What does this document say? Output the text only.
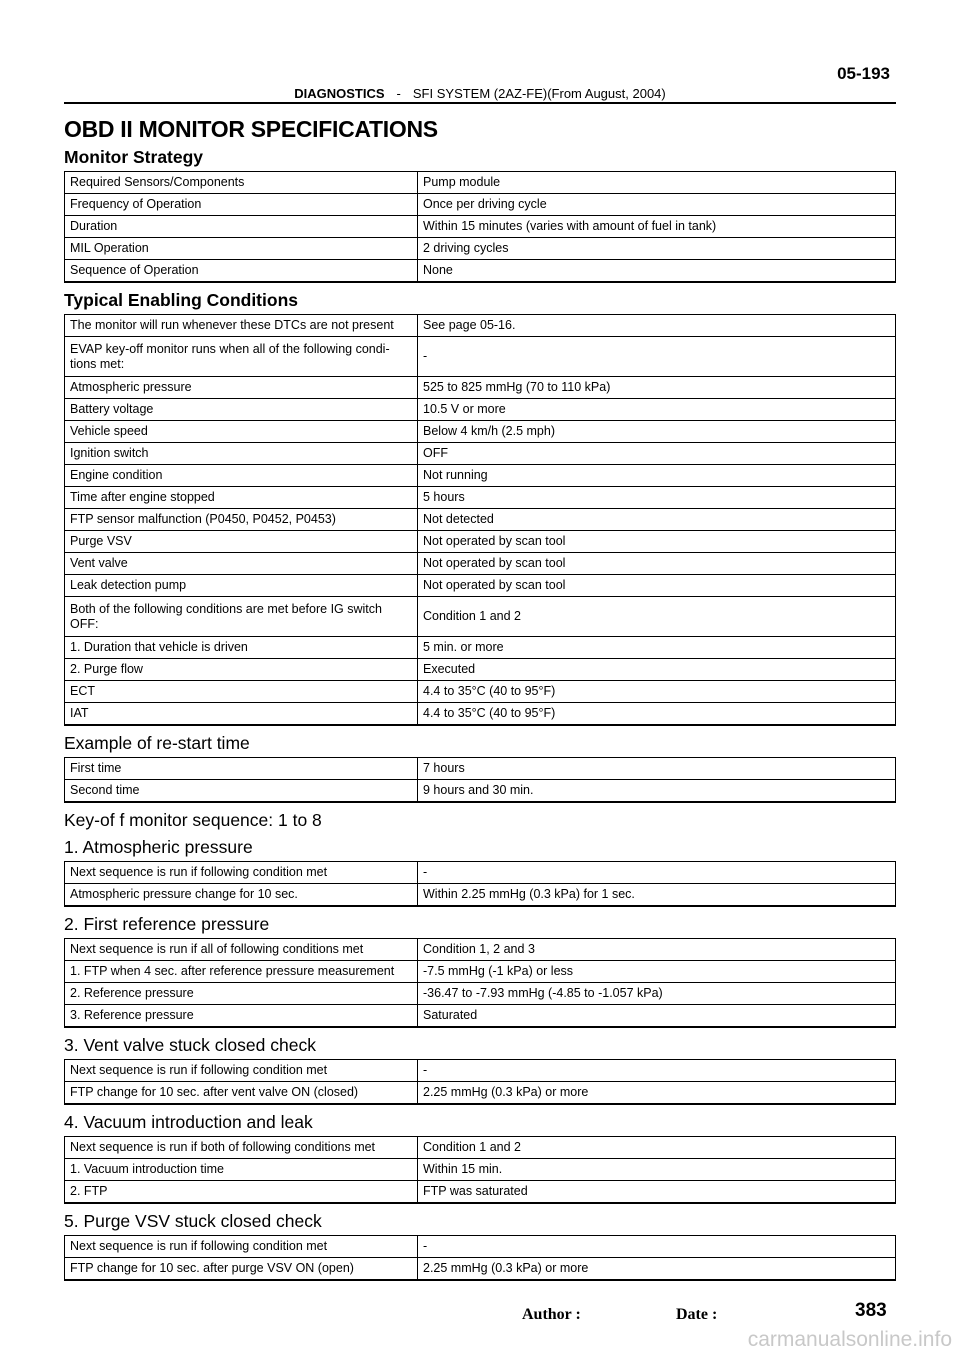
05-193
DIAGNOSTICS - SFI SYSTEM (2AZ-FE)(From August, 2004)
OBD II MONITOR SPECIFICATIONS
Monitor Strategy
Required Sensors/Components	Pump module
Frequency of Operation	Once per driving cycle
Duration	Within 15 minutes (varies with amount of fuel in tank)
MIL Operation	2 driving cycles
Sequence of Operation	None
Typical Enabling Conditions
The monitor will run whenever these DTCs are not present	See page 05-16.
EVAP key-off monitor runs when all of the following condi-
tions met:	-
Atmospheric pressure	525 to 825 mmHg (70 to 110 kPa)
Battery voltage	10.5 V or more
Vehicle speed	Below 4 km/h (2.5 mph)
Ignition switch	OFF
Engine condition	Not running
Time after engine stopped	5 hours
FTP sensor malfunction (P0450, P0452, P0453)	Not detected
Purge VSV	Not operated by scan tool
Vent valve	Not operated by scan tool
Leak detection pump	Not operated by scan tool
Both of the following conditions are met before IG switch
OFF:	Condition 1 and 2
1. Duration that vehicle is driven	5 min. or more
2. Purge flow	Executed
ECT	4.4 to 35°C (40 to 95°F)
IAT	4.4 to 35°C (40 to 95°F)
Example of re-start time
First time	7 hours
Second time	9 hours and 30 min.
Key-of f monitor sequence: 1 to 8
1. Atmospheric pressure
Next sequence is run if following condition met	-
Atmospheric pressure change for 10 sec.	Within 2.25 mmHg (0.3 kPa) for 1 sec.
2. First reference pressure
Next sequence is run if all of following conditions met	Condition 1, 2 and 3
1. FTP when 4 sec. after reference pressure measurement	-7.5 mmHg (-1 kPa) or less
2. Reference pressure	-36.47 to -7.93 mmHg (-4.85 to -1.057 kPa)
3. Reference pressure	Saturated
3. Vent valve stuck closed check
Next sequence is run if following condition met	-
FTP change for 10 sec. after vent valve ON (closed)	2.25 mmHg (0.3 kPa) or more
4. Vacuum introduction and leak
Next sequence is run if both of following conditions met	Condition 1 and 2
1. Vacuum introduction time	Within 15 min.
2. FTP	FTP was saturated
5. Purge VSV stuck closed check
Next sequence is run if following condition met	-
FTP change for 10 sec. after purge VSV ON (open)	2.25 mmHg (0.3 kPa) or more
Author :	Date :	383
carmanualsonline.info
